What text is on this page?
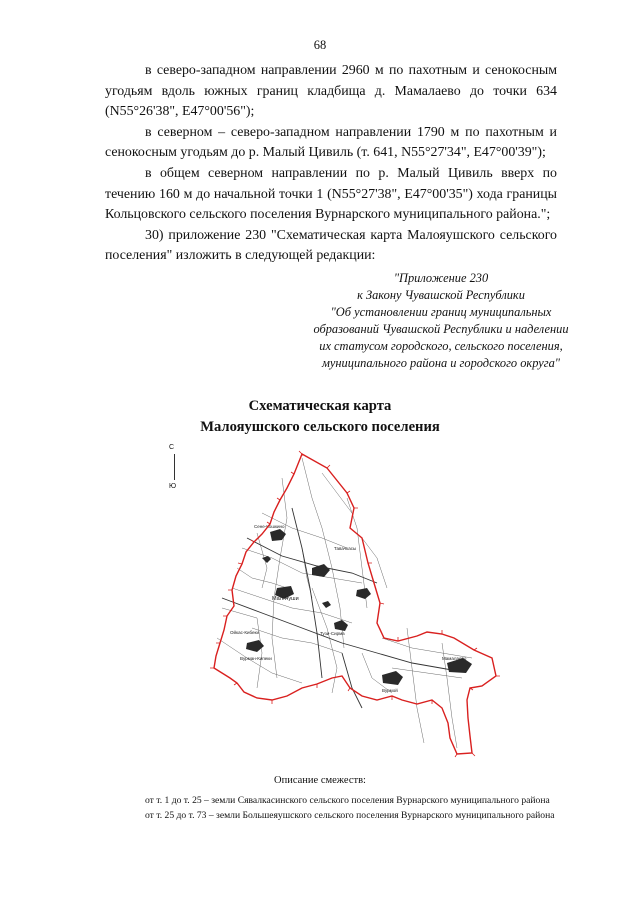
68

в северо-западном направлении 2960 м по пахотным и сенокосным угодьям вдоль южных границ кладбища д. Мамалаево до точки 634 (N55°26'38", E47°00'56");

в северном – северо-западном направлении 1790 м по пахотным и сенокосным угодьям до р. Малый Цивиль (т. 641, N55°27'34", E47°00'39");

в общем северном направлении по р. Малый Цивиль вверх по течению 160 м до начальной точки 1 (N55°27'38", E47°00'35") хода границы Кольцовского сельского поселения Вурнарского муниципального района.";

30) приложение 230 "Схематическая карта Малояушского сельского поселения" изложить в следующей редакции:

"Приложение 230
к Закону Чувашской Республики
"Об установлении границ муниципальных
образований Чувашской Республики и наделении
их статусом городского, сельского поселения,
муниципального района и городского округа"
Схематическая карта
Малояушского сельского поселения
С
Ю
Сене-Кошкино
Тавачкасы
Мал.Яуши
Тузи-Сирма
Вурмой
Ойкас-Кибеки
Вурман-Кипеки	Мамалаево
Описание смежеств:

от т. 1 до т. 25 – земли Сявалкасинского сельского поселения Вурнарского муниципального района

от т. 25 до т. 73 – земли Большеяушского сельского поселения Вурнарского муниципального района
